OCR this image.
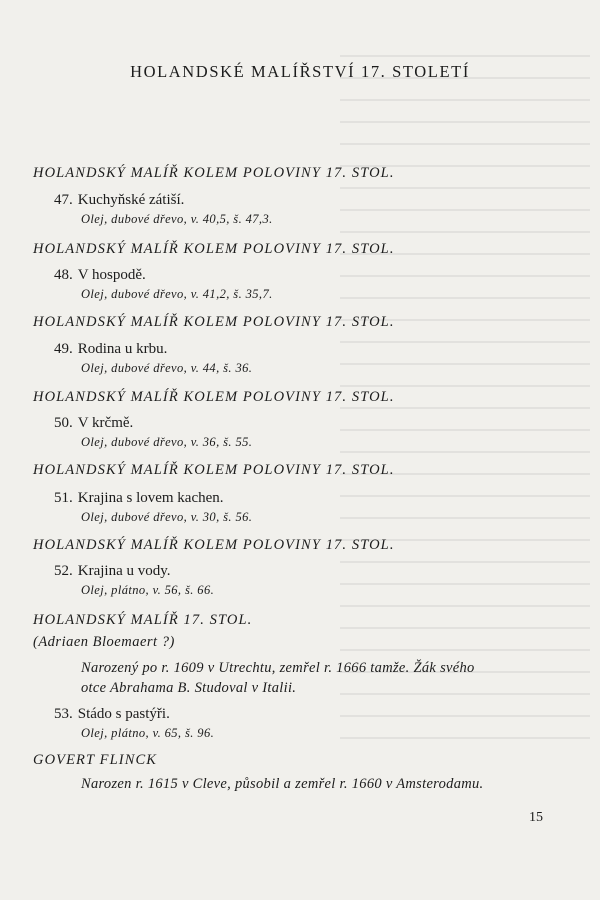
HOLANDSKÉ MALÍŘSTVÍ 17. STOLETÍ
HOLANDSKÝ MALÍŘ KOLEM POLOVINY 17. STOL.
47. Kuchyňské zátiší.
Olej, dubové dřevo, v. 40,5, š. 47,3.
HOLANDSKÝ MALÍŘ KOLEM POLOVINY 17. STOL.
48. V hospodě.
Olej, dubové dřevo, v. 41,2, š. 35,7.
HOLANDSKÝ MALÍŘ KOLEM POLOVINY 17. STOL.
49. Rodina u krbu.
Olej, dubové dřevo, v. 44, š. 36.
HOLANDSKÝ MALÍŘ KOLEM POLOVINY 17. STOL.
50. V krčmě.
Olej, dubové dřevo, v. 36, š. 55.
HOLANDSKÝ MALÍŘ KOLEM POLOVINY 17. STOL.
51. Krajina s lovem kachen.
Olej, dubové dřevo, v. 30, š. 56.
HOLANDSKÝ MALÍŘ KOLEM POLOVINY 17. STOL.
52. Krajina u vody.
Olej, plátno, v. 56, š. 66.
HOLANDSKÝ MALÍŘ 17. STOL.
(Adriaen Bloemaert ?)
Narozený po r. 1609 v Utrechtu, zemřel r. 1666 tamže. Žák svého
otce Abrahama B. Studoval v Italii.
53. Stádo s pastýři.
Olej, plátno, v. 65, š. 96.
GOVERT FLINCK
Narozen r. 1615 v Cleve, působil a zemřel r. 1660 v Amsterodamu.
15
